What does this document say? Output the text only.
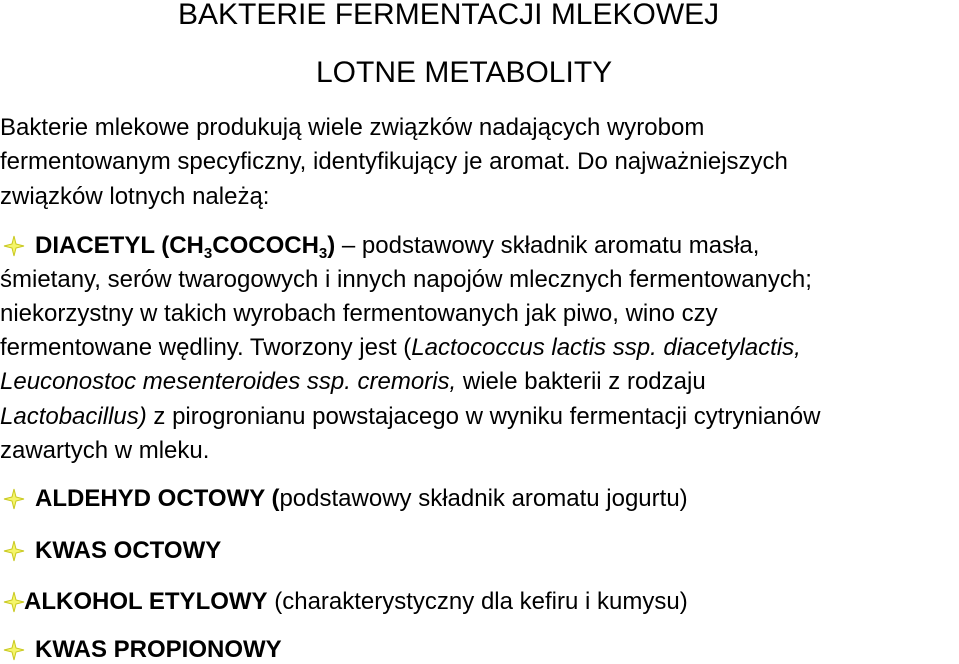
BAKTERIE FERMENTACJI MLEKOWEJ
LOTNE METABOLITY
Bakterie mlekowe produkują wiele związków nadających wyrobom
fermentowanym specyficzny, identyfikujący je aromat. Do najważniejszych
związków lotnych należą:
DIACETYL $(CH_3COCOCH_3)$ – podstawowy składnik aromatu masła,
śmietany, serów twarogowych i innych napojów mlecznych fermentowanych;
niekorzystny w takich wyrobach fermentowanych jak piwo, wino czy
fermentowane wędliny. Tworzony jest (Lactococcus lactis ssp. diacetylactis,
Leuconostoc mesenteroides ssp. cremoris, wiele bakterii z rodzaju
Lactobacillus) z pirogronianu powstajacego w wyniku fermentacji cytrynianów
zawartych w mleku.
ALDEHYD OCTOWY (podstawowy składnik aromatu jogurtu)
KWAS OCTOWY
ALKOHOL ETYLOWY (charakterystyczny dla kefiru i kumysu)
KWAS PROPIONOWY
